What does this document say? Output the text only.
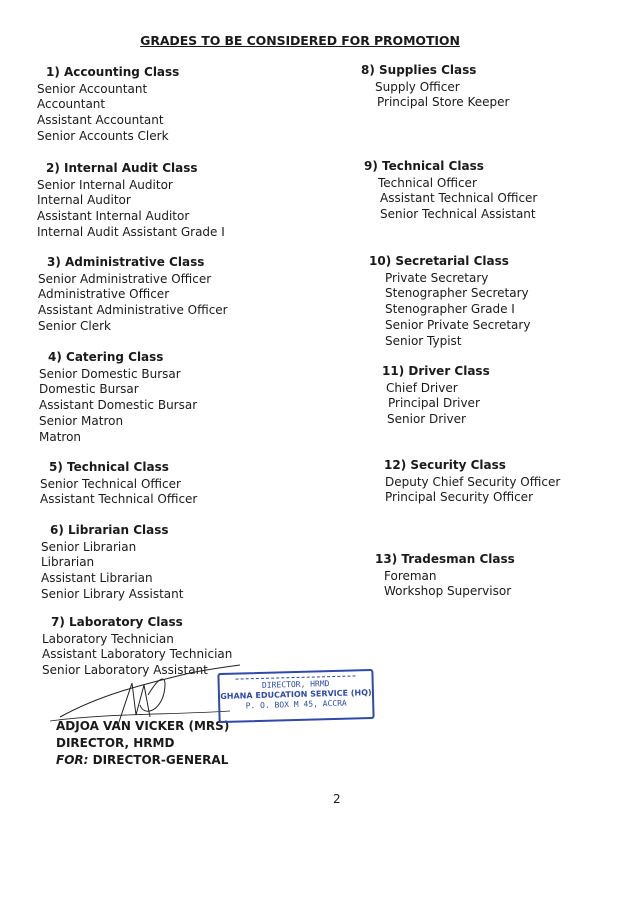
GRADES TO BE CONSIDERED FOR PROMOTION
1) Accounting Class
Senior Accountant
Accountant
Assistant Accountant
Senior Accounts Clerk
2) Internal Audit Class
Senior Internal Auditor
Internal Auditor
Assistant Internal Auditor
Internal Audit Assistant Grade I
3) Administrative Class
Senior Administrative Officer
Administrative Officer
Assistant Administrative Officer
Senior Clerk
4) Catering Class
Senior Domestic Bursar
Domestic Bursar
Assistant Domestic Bursar
Senior Matron
Matron
5) Technical Class
Senior Technical Officer
Assistant Technical Officer
6) Librarian Class
Senior Librarian
Librarian
Assistant Librarian
Senior Library Assistant
7) Laboratory Class
Laboratory Technician
Assistant Laboratory Technician
Senior Laboratory Assistant
8) Supplies Class
Supply Officer
Principal Store Keeper
9) Technical Class
Technical Officer
Assistant Technical Officer
Senior Technical Assistant
10) Secretarial Class
Private Secretary
Stenographer Secretary
Stenographer Grade I
Senior Private Secretary
Senior Typist
11) Driver Class
Chief Driver
Principal Driver
Senior Driver
12) Security Class
Deputy Chief Security Officer
Principal Security Officer
13) Tradesman Class
Foreman
Workshop Supervisor
ADJOA VAN VICKER (MRS)
DIRECTOR, HRMD
FOR: DIRECTOR-GENERAL
DIRECTOR, HRMD
GHANA EDUCATION SERVICE (HQ)
P. O. BOX M 45, ACCRA
2
